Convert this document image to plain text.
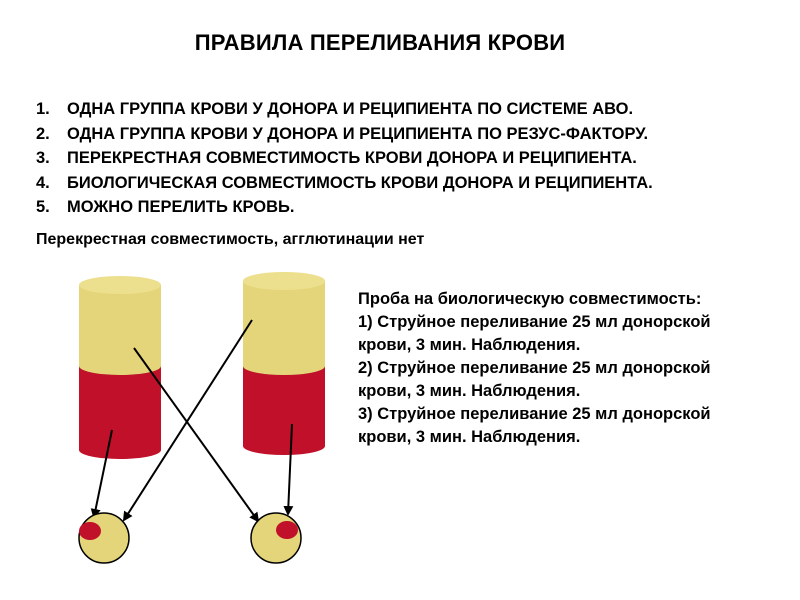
ПРАВИЛА ПЕРЕЛИВАНИЯ КРОВИ
1.	ОДНА ГРУППА КРОВИ У ДОНОРА И РЕЦИПИЕНТА ПО СИСТЕМЕ АВО.
2.	ОДНА ГРУППА КРОВИ У ДОНОРА И РЕЦИПИЕНТА ПО РЕЗУС-ФАКТОРУ.
3.	ПЕРЕКРЕСТНАЯ СОВМЕСТИМОСТЬ КРОВИ ДОНОРА И РЕЦИПИЕНТА.
4.	БИОЛОГИЧЕСКАЯ СОВМЕСТИМОСТЬ КРОВИ ДОНОРА И РЕЦИПИЕНТА.
5.	МОЖНО ПЕРЕЛИТЬ КРОВЬ.
Перекрестная совместимость, агглютинации нет
Проба на биологическую совместимость:
1) Струйное переливание 25 мл донорской
крови, 3 мин. Наблюдения.
2) Струйное переливание 25 мл донорской
крови, 3 мин. Наблюдения.
3) Струйное переливание 25 мл донорской
крови, 3 мин. Наблюдения.
